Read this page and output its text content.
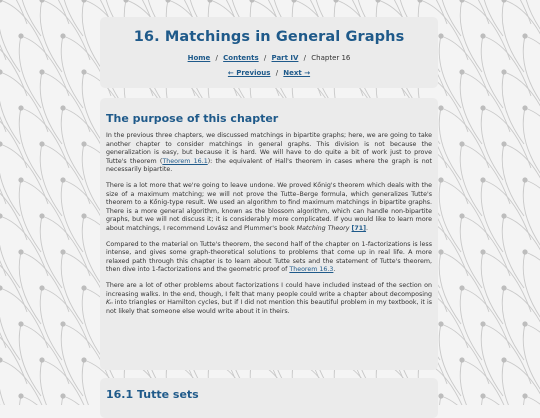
16. Matchings in General Graphs
Home / Contents / Part IV / Chapter 16
← Previous / Next →
The purpose of this chapter

In the previous three chapters, we discussed matchings in bipartite graphs; here, we are going to take another chapter to consider matchings in general graphs. This division is not because the generalization is easy, but because it is hard. We will have to do quite a bit of work just to prove Tutte's theorem (Theorem 16.1): the equivalent of Hall's theorem in cases where the graph is not necessarily bipartite.

There is a lot more that we're going to leave undone. We proved Kőnig's theorem which deals with the size of a maximum matching; we will not prove the Tutte–Berge formula, which generalizes Tutte's theorem to a Kőnig-type result. We used an algorithm to find maximum matchings in bipartite graphs. There is a more general algorithm, known as the blossom algorithm, which can handle non-bipartite graphs, but we will not discuss it; it is considerably more complicated. If you would like to learn more about matchings, I recommend Lovász and Plummer's book Matching Theory [71].

Compared to the material on Tutte's theorem, the second half of the chapter on 1-factorizations is less intense, and gives some graph-theoretical solutions to problems that come up in real life. A more relaxed path through this chapter is to learn about Tutte sets and the statement of Tutte's theorem, then dive into 1-factorizations and the geometric proof of Theorem 16.3.

There are a lot of other problems about factorizations I could have included instead of the section on increasing walks. In the end, though, I felt that many people could write a chapter about decomposing Kₙ into triangles or Hamilton cycles, but if I did not mention this beautiful problem in my textbook, it is not likely that someone else would write about it in theirs.

16.1 Tutte sets
